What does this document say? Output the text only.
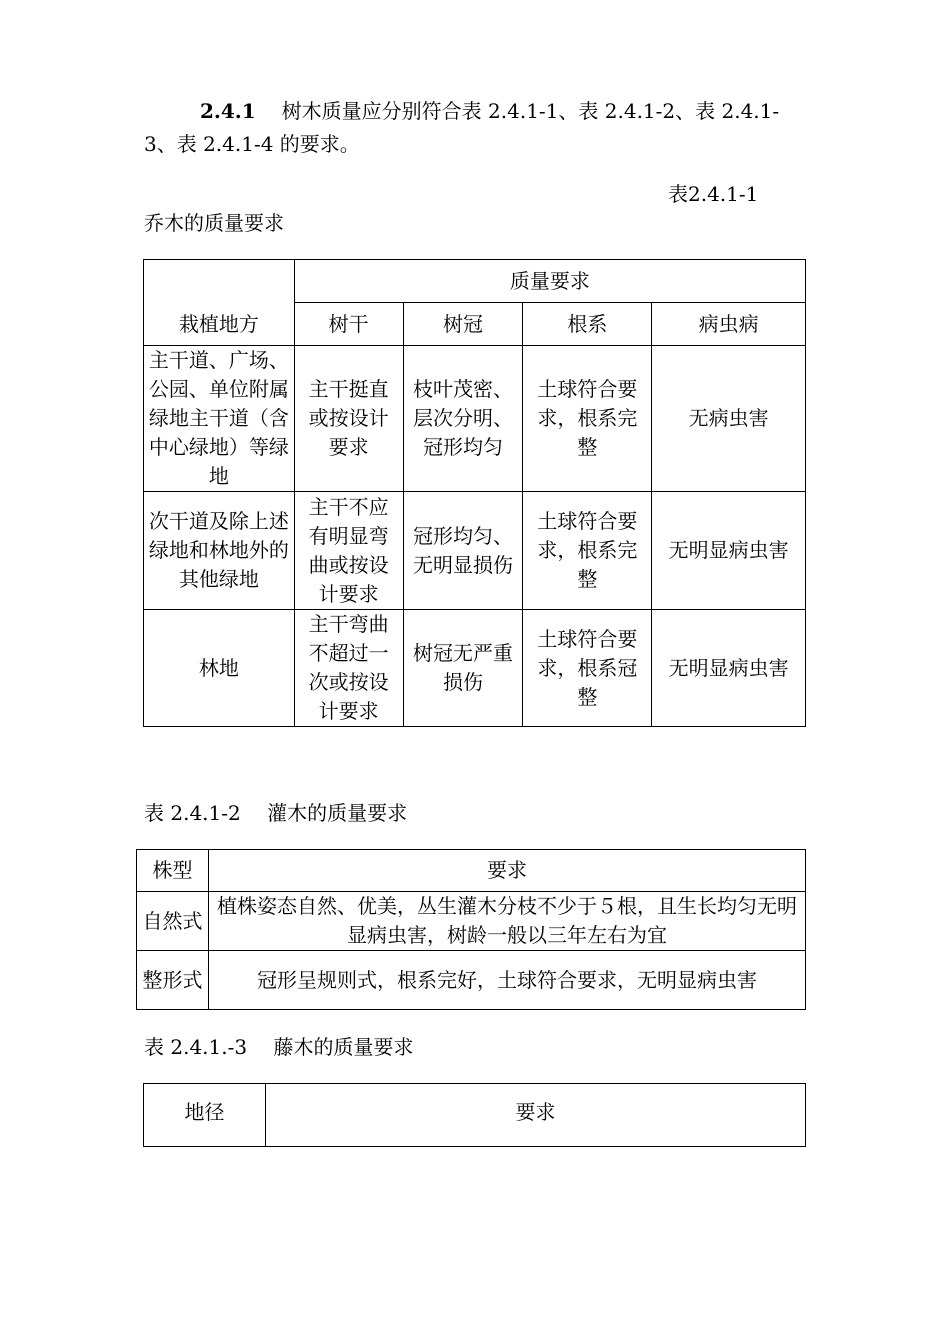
2.4.1 树木质量应分别符合表 2.4.1-1、表 2.4.1-2、表 2.4.1-3、表 2.4.1-4 的要求。
表2.4.1-1
乔木的质量要求
栽植地方	质量要求			
	树干	树冠	根系	病虫病
主干道、广场、公园、单位附属绿地主干道（含中心绿地）等绿地	主干挺直或按设计要求	枝叶茂密、层次分明、冠形均匀	土球符合要求，根系完整	无病虫害
次干道及除上述绿地和林地外的其他绿地	主干不应有明显弯曲或按设计要求	冠形均匀、无明显损伤	土球符合要求，根系完整	无明显病虫害
林地	主干弯曲不超过一次或按设计要求	树冠无严重 损伤	土球符合要求，根系冠整	无明显病虫害
表 2.4.1-2　 灌木的质量要求
株型	要求
自然式	植株姿态自然、优美，丛生灌木分枝不少于５根，且生长均匀无明显病虫害，树龄一般以三年左右为宜
整形式	冠形呈规则式，根系完好，土球符合要求，无明显病虫害
表 2.4.1.-3　 藤木的质量要求
地径	要求
